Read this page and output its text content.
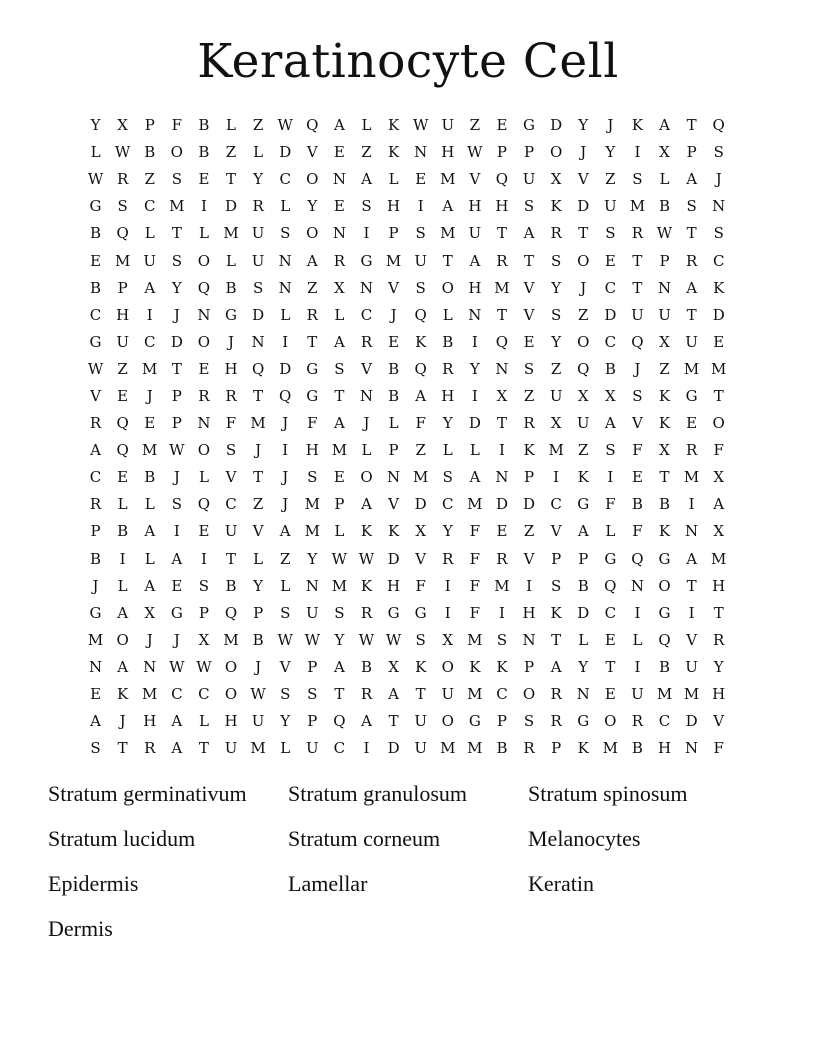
Keratinocyte Cell
Y	X	P	F	B	L	Z W Q	A	L	K W U	Z	E	G	D	Y	J	K	A	T	Q
L W B	O	B	Z	L	D	V	E	Z	K N H W P	P	O	J	Y	I	X	P	S
W R	Z	S	E	T	Y	C	O N	A	L	E M V	Q U	X	V	Z	S	L	A	J
G	S	C M	I	D	R	L	Y	E	S	H	I	A	H H	S	K	D U M B	S	N
B	Q	L	T	L M U	S	O N	I	P	S M U	T	A	R	T	S	R W T	S
E M U	S	O	L	U N	A	R	G M U	T	A	R	T	S	O	E	T	P	R	C
B	P	A	Y	Q	B	S	N	Z	X	N	V	S	O H M V	Y	J	C	T	N	A	K
C H	I	J	N G	D	L	R	L	C	J	Q	L	N	T	V	S	Z	D U U	T	D
G U	C	D O	J	N	I	T	A	R	E	K	B	I	Q	E	Y	O	C	Q	X	U	E
W Z M T	E	H Q D	G	S	V	B	Q	R	Y	N	S	Z	Q	B	J	Z M M
V	E	J	P	R	R	T	Q G	T	N	B	A	H	I	X	Z	U	X	X	S	K	G	T
R	Q	E	P	N	F M	J	F	A	J	L	F	Y	D	T	R	X	U	A	V	K	E	O
A	Q M W O	S	J	I	H M L	P	Z	L	L	I	K M Z	S	F	X	R	F
C	E	B	J	L	V	T	J	S	E	O N M S	A	N	P	I	K	I	E	T M X
R	L	L	S	Q	C	Z	J	M P	A	V	D	C M D	D	C	G	F	B	B	I	A
P	B	A	I	E	U	V	A M L	K	K	X	Y	F	E	Z	V	A	L	F	K N	X
B	I	L	A	I	T	L	Z	Y W W D	V	R	F	R	V	P	P	G Q G	A M
J	L	A	E	S	B	Y	L	N M K H	F	I	F M	I	S	B	Q N O	T	H
G	A	X	G	P	Q	P	S	U	S	R	G	G	I	F	I	H K	D	C	I	G	I	T
M O	J	J	X M B W W Y W W S	X M S	N	T	L	E	L	Q	V	R
N	A	N W W O	J	V	P	A	B	X	K	O	K	K	P	A	Y	T	I	B	U	Y
E	K M C	C	O W S	S	T	R	A	T	U M C	O	R N	E	U M M H
A	J	H	A	L	H U	Y	P	Q	A	T	U O G	P	S	R	G O	R	C	D	V
S	T	R	A	T	U M L	U	C	I	D U M M B	R	P	K M B	H N	F
Stratum germinativum	Stratum granulosum	Stratum spinosum
Stratum lucidum	Stratum corneum	Melanocytes
Epidermis	Lamellar	Keratin
Dermis
